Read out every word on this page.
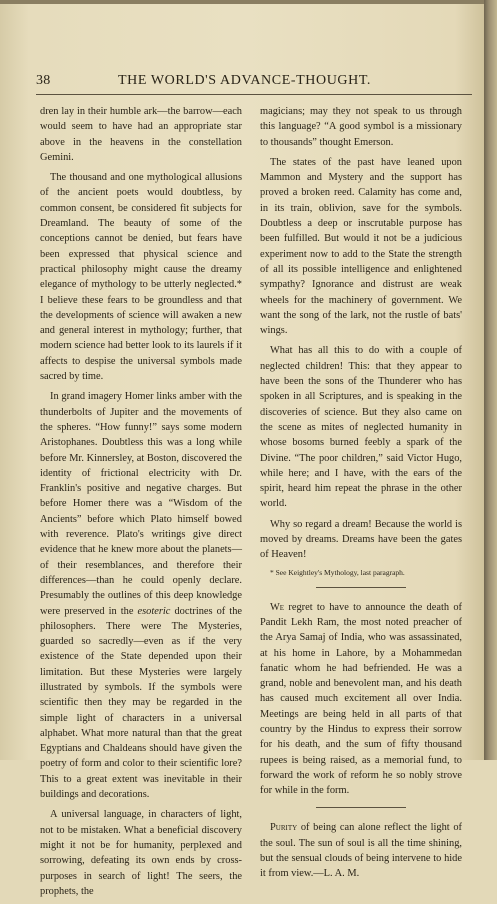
38	THE WORLD'S ADVANCE-THOUGHT.

dren lay in their humble ark—the barrow—each would seem to have had an appropriate star above in the heavens in the constellation Gemini.

The thousand and one mythological allusions of the ancient poets would doubtless, by common consent, be considered fit subjects for Dreamland. The beauty of some of the conceptions cannot be denied, but fears have been expressed that physical science and practical philosophy might cause the dreamy elegance of mythology to be utterly neglected.* I believe these fears to be groundless and that the developments of science will awaken a new and general interest in mythology; further, that modern science had better look to its laurels if it affects to despise the universal symbols made sacred by time.

In grand imagery Homer links amber with the thunderbolts of Jupiter and the movements of the spheres. “How funny!” says some modern Aristophanes. Doubtless this was a long while before Mr. Kinnersley, at Boston, discovered the identity of frictional electricity with Dr. Franklin's positive and negative charges. But before Homer there was a “Wisdom of the Ancients” before which Plato himself bowed with reverence. Plato's writings give direct evidence that he knew more about the planets—of their resemblances, and therefore their differences—than he could openly declare. Presumably the outlines of this deep knowledge were preserved in the esoteric doctrines of the philosophers. There were The Mysteries, guarded so sacredly—even as if the very existence of the State depended upon their limitation. But these Mysteries were largely illustrated by symbols. If the symbols were scientific then they may be regarded in the simple light of characters in a universal alphabet. What more natural than that the great Egyptians and Chaldeans should have given the poetry of form and color to their scientific lore? This to a great extent was inevitable in their buildings and decorations.

A universal language, in characters of light, not to be mistaken. What a beneficial discovery might it not be for humanity, perplexed and sorrowing, defeating its own ends by cross-purposes in search of light! The seers, the prophets, the

magicians; may they not speak to us through this language? “A good symbol is a missionary to thousands” thought Emerson.

The states of the past have leaned upon Mammon and Mystery and the support has proved a broken reed. Calamity has come and, in its train, oblivion, save for the symbols. Doubtless a deep or inscrutable purpose has been fulfilled. But would it not be a judicious experiment now to add to the State the strength of all its possible intelligence and enlightened sympathy? Ignorance and distrust are weak wheels for the machinery of government. We want the song of the lark, not the rustle of bats' wings.

What has all this to do with a couple of neglected children! This: that they appear to have been the sons of the Thunderer who has spoken in all Scriptures, and is speaking in the discoveries of science. But they also came on the scene as mites of neglected humanity in whose bosoms burned feebly a spark of the Divine. “The poor children,” said Victor Hugo, while here; and I have, with the ears of the spirit, heard him repeat the phrase in the other world.

Why so regard a dream! Because the world is moved by dreams. Dreams have been the gates of Heaven!

* See Keightley's Mythology, last paragraph.

We regret to have to announce the death of Pandit Lekh Ram, the most noted preacher of the Arya Samaj of India, who was assassinated, at his home in Lahore, by a Mohammedan fanatic whom he had befriended. He was a grand, noble and benevolent man, and his death has caused much excitement all over India. Meetings are being held in all parts of that country by the Hindus to express their sorrow for his death, and the sum of fifty thousand rupees is being raised, as a memorial fund, to forward the work of reform he so nobly strove for while in the form.

Purity of being can alone reflect the light of the soul. The sun of soul is all the time shining, but the sensual clouds of being intervene to hide it from view.—L. A. M.
